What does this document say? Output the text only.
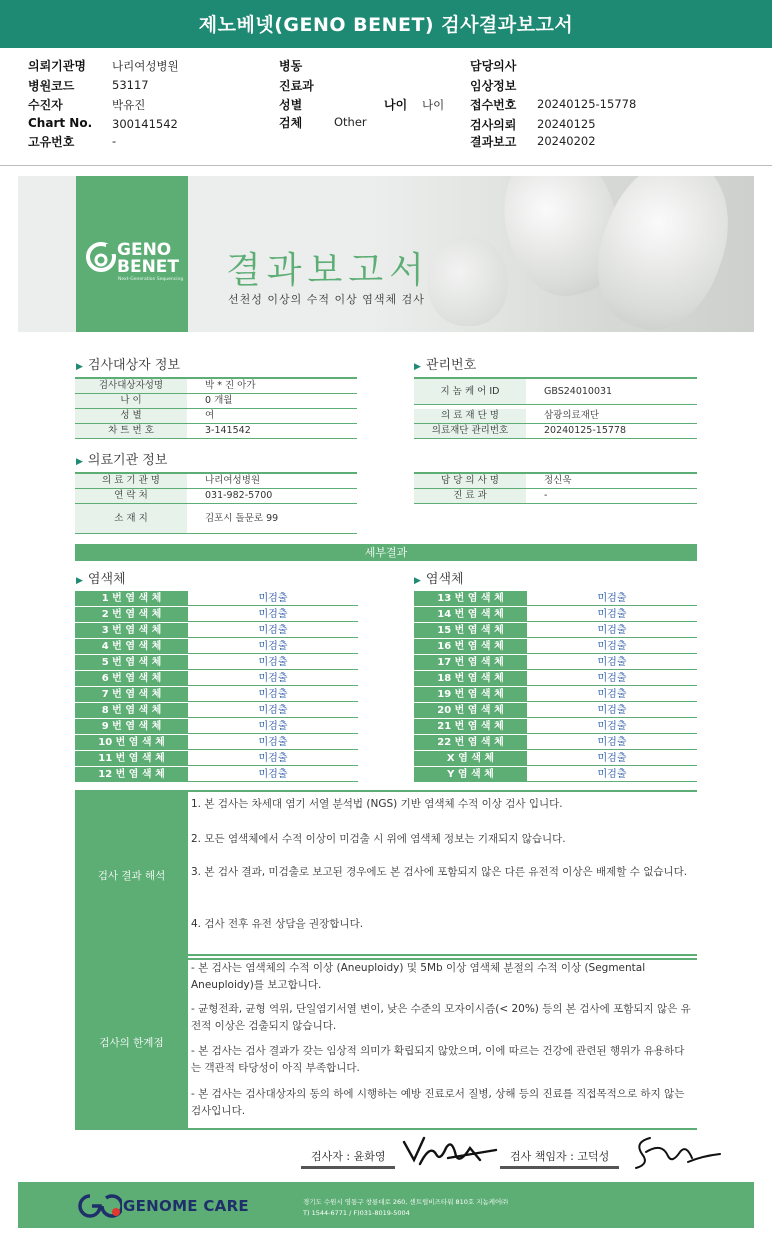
제노베넷(GENO BENET) 검사결과보고서
의뢰기관명 나리여성병원
병원코드	53117
수진자	박유진
Chart No. 300141542
고유번호	-
병동
진료과
성별	나이 나이
검체	Other
담당의사
임상정보
접수번호 20240125-15778
검사의뢰 20240125
결과보고 20240202
GENO
BENET
Next-Generation Sequencing 결과보고서
선천성 이상의 수적 이상 염색체 검사
▶ 검사대상자 정보
검사대상자성명	박 * 진 아가
나 이	0 개월
성 별	여
차 트 번 호	3-141542
▶ 관리번호
지 놈 케 어 ID	GBS24010031
의 료 재 단 명	삼광의료재단
의료재단 관리번호	20240125-15778
▶ 의료기관 정보
의 료 기 관 명	나리여성병원
연 락 처	031-982-5700
소 재 지	김포시 돌문로 99
담 당 의 사 명	정신욱
진 료 과	-
세부결과
▶ 염색체	▶ 염색체
1 번 염 색 체	미검출
2 번 염 색 체	미검출
3 번 염 색 체	미검출
4 번 염 색 체	미검출
5 번 염 색 체	미검출
6 번 염 색 체	미검출
7 번 염 색 체	미검출
8 번 염 색 체	미검출
9 번 염 색 체	미검출
10 번 염 색 체	미검출
11 번 염 색 체	미검출
12 번 염 색 체	미검출
13 번 염 색 체	미검출
14 번 염 색 체	미검출
15 번 염 색 체	미검출
16 번 염 색 체	미검출
17 번 염 색 체	미검출
18 번 염 색 체	미검출
19 번 염 색 체	미검출
20 번 염 색 체	미검출
21 번 염 색 체	미검출
22 번 염 색 체	미검출
X 염 색 체	미검출
Y 염 색 체	미검출
검사 결과 해석
1. 본 검사는 차세대 염기 서열 분석법 (NGS) 기반 염색체 수적 이상 검사 입니다.
2. 모든 염색체에서 수적 이상이 미검출 시 위에 염색체 정보는 기재되지 않습니다.
3. 본 검사 결과, 미검출로 보고된 경우에도 본 검사에 포함되지 않은 다른 유전적 이상은 배제할 수 없습니다.
4. 검사 전후 유전 상담을 권장합니다.
검사의 한계점
- 본 검사는 염색체의 수적 이상 (Aneuploidy) 및 5Mb 이상 염색체 분절의 수적 이상 (Segmental Aneuploidy)를 보고합니다.
- 균형전좌, 균형 역위, 단일염기서열 변이, 낮은 수준의 모자이시즘(< 20%) 등의 본 검사에 포함되지 않은 유전적 이상은 검출되지 않습니다.
- 본 검사는 검사 결과가 갖는 임상적 의미가 확립되지 않았으며, 이에 따르는 건강에 관련된 행위가 유용하다는 객관적 타당성이 아직 부족합니다.
- 본 검사는 검사대상자의 동의 하에 시행하는 예방 진료로서 질병, 상해 등의 진료를 직접목적으로 하지 않는 검사입니다.
검사자 : 윤화영	검사 책임자 : 고덕성
GENOME CARE	경기도 수원시 영통구 창룡대로 260, 센트럴비즈타워 810호 지놈케어㈜
T) 1544-6771 / F)031-8019-5004
